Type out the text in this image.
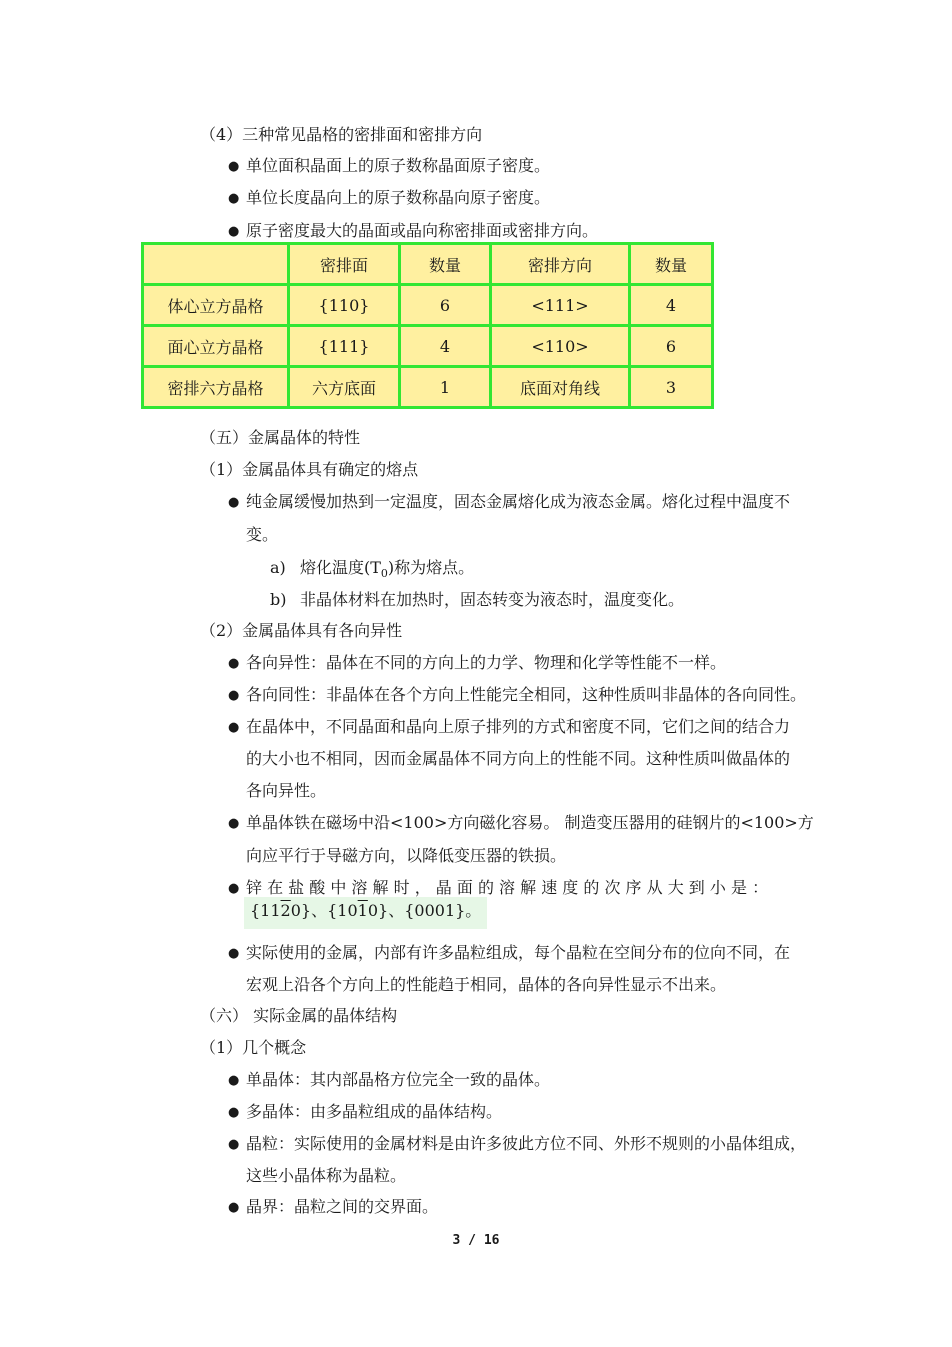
（4）三种常见晶格的密排面和密排方向
● 单位面积晶面上的原子数称晶面原子密度。
● 单位长度晶向上的原子数称晶向原子密度。
● 原子密度最大的晶面或晶向称密排面或密排方向。
	密排面	数量	密排方向	数量
体心立方晶格	{110}	6	<111>	4
面心立方晶格	{111}	4	<110>	6
密排六方晶格	六方底面	1	底面对角线	3
（五）金属晶体的特性
（1）金属晶体具有确定的熔点
● 纯金属缓慢加热到一定温度，固态金属熔化成为液态金属。熔化过程中温度不
变。
a) 熔化温度$(T_0)$称为熔点。
b) 非晶体材料在加热时，固态转变为液态时，温度变化。
（2）金属晶体具有各向异性
● 各向异性：晶体在不同的方向上的力学、物理和化学等性能不一样。
● 各向同性：非晶体在各个方向上性能完全相同，这种性质叫非晶体的各向同性。
● 在晶体中，不同晶面和晶向上原子排列的方式和密度不同，它们之间的结合力
的大小也不相同，因而金属晶体不同方向上的性能不同。这种性质叫做晶体的
各向异性。
● 单晶体铁在磁场中沿<100>方向磁化容易。 制造变压器用的硅钢片的<100>方
向应平行于导磁方向，以降低变压器的铁损。
● 锌 在 盐 酸 中 溶 解 时 ， 晶 面 的 溶 解 速 度 的 次 序 从 大 到 小 是 ：
{1120}、{1010}、{0001}。
● 实际使用的金属，内部有许多晶粒组成，每个晶粒在空间分布的位向不同，在
宏观上沿各个方向上的性能趋于相同，晶体的各向异性显示不出来。
（六） 实际金属的晶体结构
（1）几个概念
● 单晶体：其内部晶格方位完全一致的晶体。
● 多晶体：由多晶粒组成的晶体结构。
● 晶粒：实际使用的金属材料是由许多彼此方位不同、外形不规则的小晶体组成，
这些小晶体称为晶粒。
● 晶界：晶粒之间的交界面。
3 / 16
